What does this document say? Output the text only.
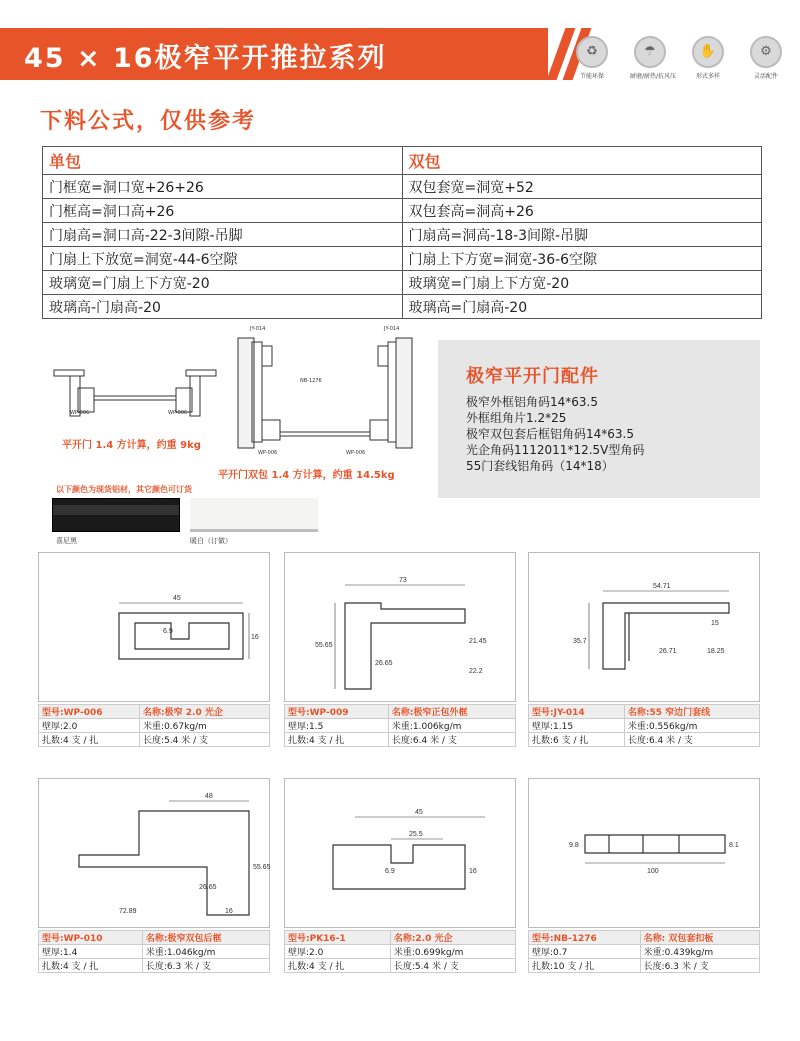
45 × 16极窄平开推拉系列	♻
节能环保
☂
耐磨/耐热/抗风压
✋
形式多样
⚙
灵活配件
下料公式，仅供参考
单包	双包
门框宽=洞口宽+26+26	双包套宽=洞宽+52
门框高=洞口高+26	双包套高=洞高+26
门扇高=洞口高-22-3间隙-吊脚	门扇高=洞高-18-3间隙-吊脚
门扇上下放宽=洞宽-44-6空隙	门扇上下方宽=洞宽-36-6空隙
玻璃宽=门扇上下方宽-20	玻璃宽=门扇上下方宽-20
玻璃高-门扇高-20	玻璃高=门扇高-20
WP-006	WP-006
平开门 1.4 方计算，约重 9kg
JY-014	JY-014
WP-006	WP-006
NB-1276
平开门双包 1.4 方计算，约重 14.5kg
极窄平开门配件
极窄外框铝角码14*63.5
外框组角片1.2*25
极窄双包套后框铝角码14*63.5
光企角码1112011*12.5V型角码
55门套线铝角码（14*18）
以下颜色为现货铝材，其它颜色可订货
喜尼黑	暖白（订做）
45
6.9
16
型号:WP-006	名称:极窄 2.0 光企
壁厚:2.0	米重:0.67kg/m
扎数:4 支 / 扎	长度:5.4 米 / 支
73
55.65
26.65
21.45
22.2
型号:WP-009	名称:极窄正包外框
壁厚:1.5	米重:1.006kg/m
扎数:4 支 / 扎	长度:6.4 米 / 支
54.71
35.7
26.71
15
18.25
型号:JY-014	名称:55 窄边门套线
壁厚:1.15	米重:0.556kg/m
扎数:6 支 / 扎	长度:6.4 米 / 支
48
55.65
26.65
72.89	16
型号:WP-010	名称:极窄双包后框
壁厚:1.4	米重:1.046kg/m
扎数:4 支 / 扎	长度:6.3 米 / 支
45
25.5
6.9	16
型号:PK16-1	名称:2.0 光企
壁厚:2.0	米重:0.699kg/m
扎数:4 支 / 扎	长度:5.4 米 / 支
9.8	8.1
100
型号:NB-1276	名称: 双包套扣板
壁厚:0.7	米重:0.439kg/m
扎数:10 支 / 扎	长度:6.3 米 / 支
